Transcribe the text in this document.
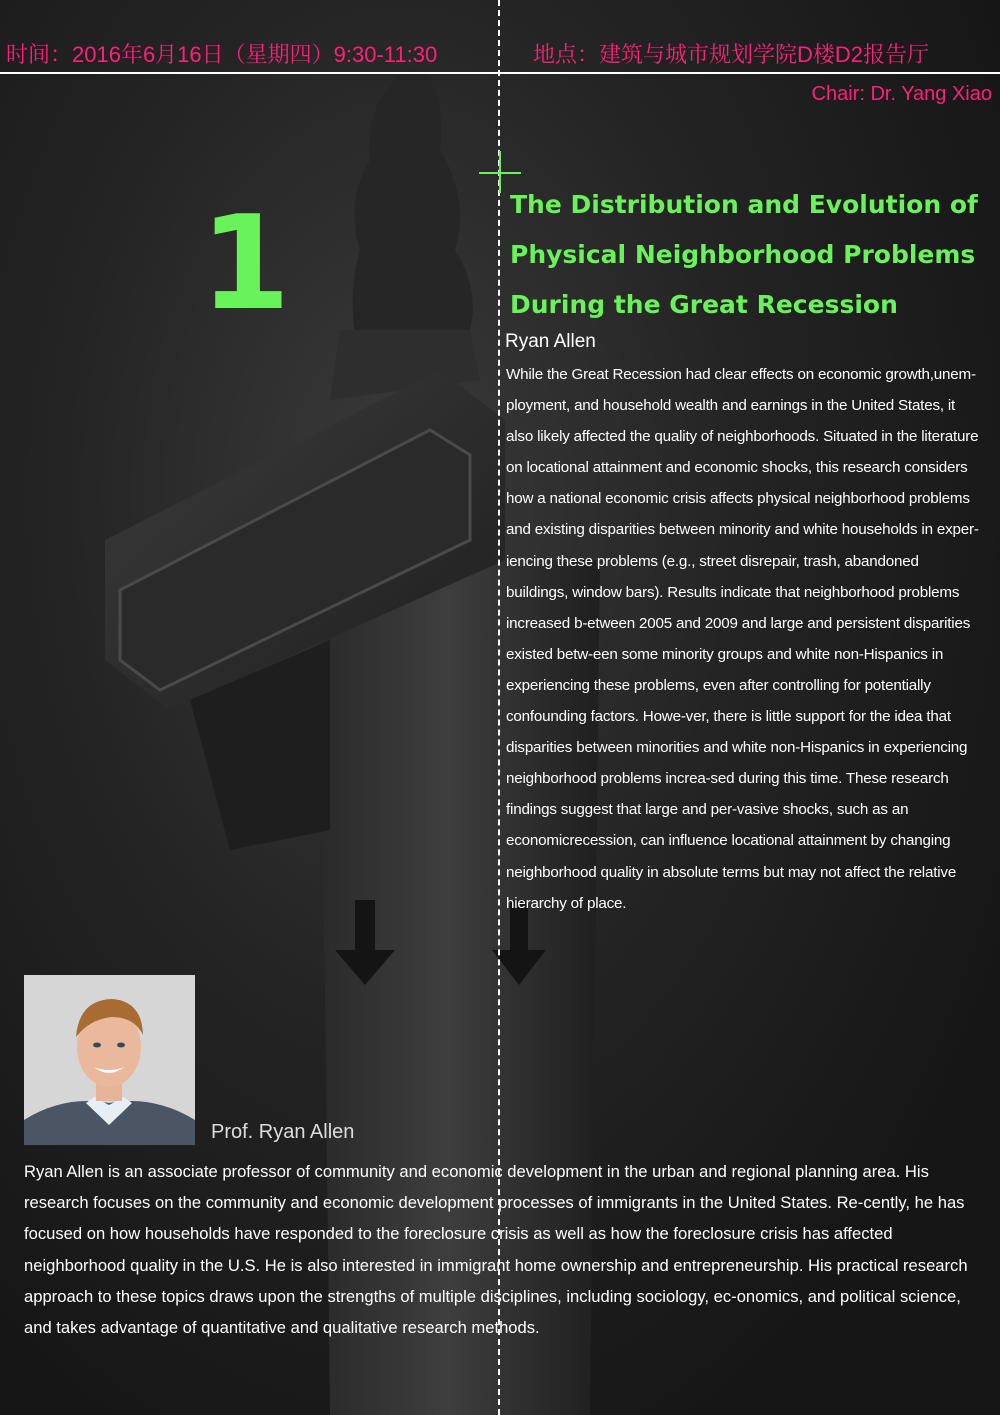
时间：2016年6月16日（星期四）9:30-11:30	地点：建筑与城市规划学院D楼D2报告厅
Chair: Dr. Yang Xiao
1	The Distribution and Evolution of Physical Neighborhood Problems During the Great Recession
Ryan Allen
While the Great Recession had clear effects on economic growth,unem-ployment, and household wealth and earnings in the United States, it also likely affected the quality of neighborhoods. Situated in the literature on locational attainment and economic shocks, this research considers how a national economic crisis affects physical neighborhood problems and existing disparities between minority and white households in exper-iencing these problems (e.g., street disrepair, trash, abandoned buildings, window bars). Results indicate that neighborhood problems increased b-etween 2005 and 2009 and large and persistent disparities existed betw-een some minority groups and white non-Hispanics in experiencing these problems, even after controlling for potentially confounding factors. Howe-ver, there is little support for the idea that disparities between minorities and white non-Hispanics in experiencing neighborhood problems increa-sed during this time. These research findings suggest that large and per-vasive shocks, such as an economicrecession, can influence locational attainment by changing neighborhood quality in absolute terms but may not affect the relative hierarchy of place.
Prof. Ryan Allen
Ryan Allen is an associate professor of community and economic development in the urban and regional planning area. His research focuses on the community and economic development processes of immigrants in the United States. Re-cently, he has focused on how households have responded to the foreclosure crisis as well as how the foreclosure crisis has affected neighborhood quality in the U.S. He is also interested in immigrant home ownership and entrepreneurship. His practical research approach to these topics draws upon the strengths of multiple disciplines, including sociology, ec-onomics, and political science, and takes advantage of quantitative and qualitative research methods.
